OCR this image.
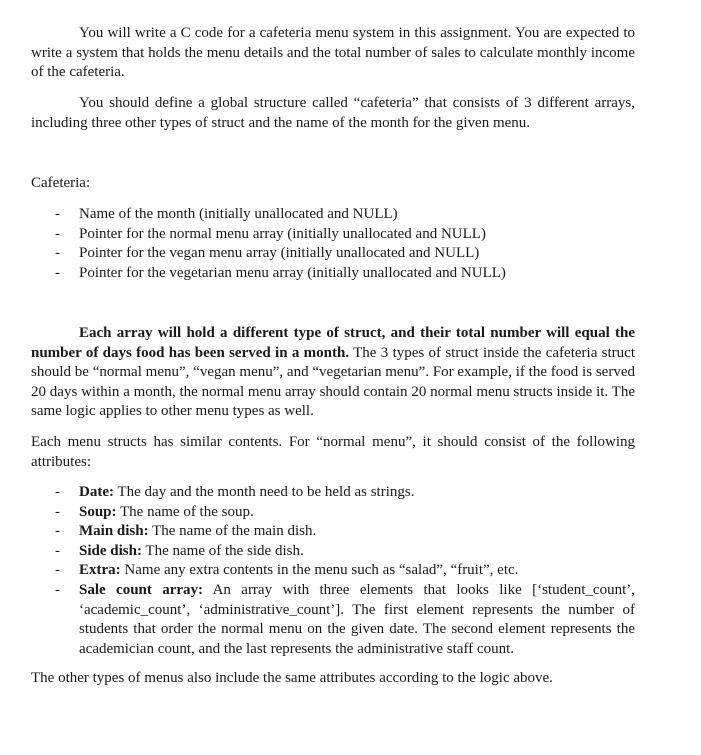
You will write a C code for a cafeteria menu system in this assignment. You are expected to write a system that holds the menu details and the total number of sales to calculate monthly income of the cafeteria.

You should define a global structure called “cafeteria” that consists of 3 different arrays, including three other types of struct and the name of the month for the given menu.

Cafeteria:

- Name of the month (initially unallocated and NULL)
- Pointer for the normal menu array (initially unallocated and NULL)
- Pointer for the vegan menu array (initially unallocated and NULL)
- Pointer for the vegetarian menu array (initially unallocated and NULL)

Each array will hold a different type of struct, and their total number will equal the number of days food has been served in a month. The 3 types of struct inside the cafeteria struct should be “normal menu”, “vegan menu”, and “vegetarian menu”. For example, if the food is served 20 days within a month, the normal menu array should contain 20 normal menu structs inside it. The same logic applies to other menu types as well.

Each menu structs has similar contents. For “normal menu”, it should consist of the following attributes:

- Date: The day and the month need to be held as strings.
- Soup: The name of the soup.
- Main dish: The name of the main dish.
- Side dish: The name of the side dish.
- Extra: Name any extra contents in the menu such as “salad”, “fruit”, etc.
- Sale count array: An array with three elements that looks like [‘student_count’, ‘academic_count’, ‘administrative_count’]. The first element represents the number of students that order the normal menu on the given date. The second element represents the academician count, and the last represents the administrative staff count.

The other types of menus also include the same attributes according to the logic above.
